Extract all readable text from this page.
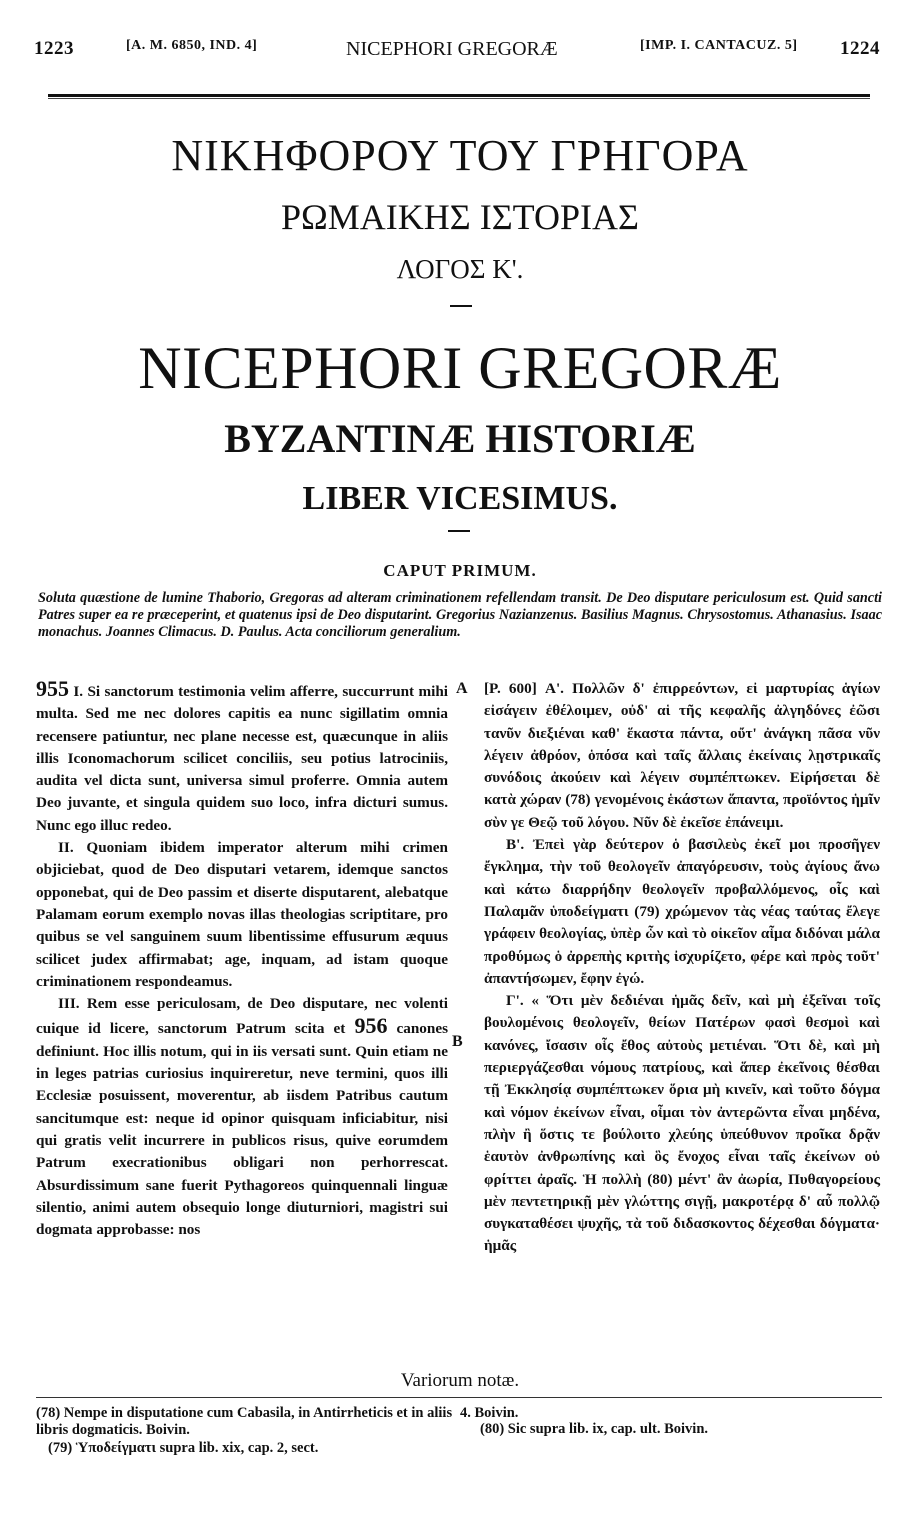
1223	[A. M. 6850, IND. 4]	NICEPHORI GREGORÆ	[IMP. I. CANTACUZ. 5] 1224
ΝΙΚΗΦΟΡΟΥ ΤΟΥ ΓΡΗΓΟΡΑ
ΡΩΜΑΙΚΗΣ ΙΣΤΟΡΙΑΣ
ΛΟΓΟΣ Κ'.
NICEPHORI GREGORÆ
BYZANTINÆ HISTORIÆ
LIBER VICESIMUS.
CAPUT PRIMUM.

Soluta quæstione de lumine Thaborio, Gregoras ad alteram criminationem refellendam transit. De Deo disputare periculosum est. Quid sancti Patres super ea re præceperint, et quatenus ipsi de Deo disputarint. Gregorius Nazianzenus. Basilius Magnus. Chrysostomus. Athanasius. Isaac monachus. Joannes Climacus. D. Paulus. Acta conciliorum generalium.

955 I. Si sanctorum testimonia velim afferre, succurrunt mihi multa. Sed me nec dolores capitis ea nunc sigillatim omnia recensere patiuntur, nec plane necesse est, quæcunque in aliis illis Iconomachorum scilicet conciliis, seu potius latrociniis, audita vel dicta sunt, universa simul proferre. Omnia autem Deo juvante, et singula quidem suo loco, infra dicturi sumus. Nunc ego illuc redeo.

II. Quoniam ibidem imperator alterum mihi crimen objiciebat, quod de Deo disputari vetarem, idemque sanctos opponebat, qui de Deo passim et diserte disputarent, alebatque Palamam eorum exemplo novas illas theologias scriptitare, pro quibus se vel sanguinem suum libentissime effusurum æquus scilicet judex affirmabat; age, inquam, ad istam quoque criminationem respondeamus.

III. Rem esse periculosam, de Deo disputare, nec volenti cuique id licere, sanctorum Patrum scita et 956 canones definiunt. Hoc illis notum, qui in iis versati sunt. Quin etiam ne in leges patrias curiosius inquireretur, neve termini, quos illi Ecclesiæ posuissent, moverentur, ab iisdem Patribus cautum sancitumque est: neque id opinor quisquam inficiabitur, nisi qui gratis velit incurrere in publicos risus, quive eorumdem Patrum execrationibus obligari non perhorrescat. Absurdissimum sane fuerit Pythagoreos quinquennali linguæ silentio, animi autem obsequio longe diuturniori, magistri sui dogmata approbasse: nos

A
B

[P. 600] Α'. Πολλῶν δ' ἐπιρρεόντων, εἰ μαρτυρίας ἁγίων εἰσάγειν ἐθέλοιμεν, οὐδ' αἱ τῆς κεφαλῆς ἀλγηδόνες ἐῶσι τανῦν διεξιέναι καθ' ἕκαστα πάντα, οὔτ' ἀνάγκη πᾶσα νῦν λέγειν ἀθρόον, ὁπόσα καὶ ταῖς ἄλλαις ἐκείναις λῃστρικαῖς συνόδοις ἀκούειν καὶ λέγειν συμπέπτωκεν. Εἰρήσεται δὲ κατὰ χώραν (78) γενομένοις ἑκάστων ἅπαντα, προϊόντος ἡμῖν σὺν γε Θεῷ τοῦ λόγου. Νῦν δὲ ἐκεῖσε ἐπάνειμι.

Β'. Ἐπεὶ γὰρ δεύτερον ὁ βασιλεὺς ἐκεῖ μοι προσῆγεν ἔγκλημα, τὴν τοῦ θεολογεῖν ἀπαγόρευσιν, τοὺς ἁγίους ἄνω καὶ κάτω διαρρήδην θεολογεῖν προβαλλόμενος, οἷς καὶ Παλαμᾶν ὑποδείγματι (79) χρώμενον τὰς νέας ταύτας ἔλεγε γράφειν θεολογίας, ὑπὲρ ὧν καὶ τὸ οἰκεῖον αἷμα διδόναι μάλα προθύμως ὁ ἀρρεπὴς κριτὴς ἰσχυρίζετο, φέρε καὶ πρὸς τοῦτ' ἀπαντήσωμεν, ἔφην ἐγώ.

Γ'. « Ὅτι μὲν δεδιέναι ἡμᾶς δεῖν, καὶ μὴ ἐξεῖναι τοῖς βουλομένοις θεολογεῖν, θείων Πατέρων φασὶ θεσμοὶ καὶ κανόνες, ἴσασιν οἷς ἔθος αὐτοὺς μετιέναι. Ὅτι δὲ, καὶ μὴ περιεργάζεσθαι νόμους πατρίους, καὶ ἅπερ ἐκεῖνοις θέσθαι τῇ Ἐκκλησίᾳ συμπέπτωκεν ὅρια μὴ κινεῖν, καὶ τοῦτο δόγμα καὶ νόμον ἐκείνων εἶναι, οἶμαι τὸν ἀντερῶντα εἶναι μηδένα, πλὴν ἢ ὅστις τε βούλοιτο χλεύης ὑπεύθυνον προῖκα δρᾷν ἑαυτὸν ἀνθρωπίνης καὶ ὃς ἔνοχος εἶναι ταῖς ἐκείνων οὐ φρίττει ἀραῖς. Ἡ πολλὴ (80) μέντ' ἂν ἀωρία, Πυθαγορείους μὲν πεντετηρικῇ μὲν γλώττης σιγῇ, μακροτέρᾳ δ' αὖ πολλῷ συγκαταθέσει ψυχῆς, τὰ τοῦ διδασκοντος δέχεσθαι δόγματα· ἡμᾶς

Variorum notæ.
(78) Nempe in disputatione cum Cabasila, in Antirrheticis et in aliis libris dogmaticis. Boivin.
(79) Ὑποδείγματι supra lib. xix, cap. 2, sect.
4. Boivin.
(80) Sic supra lib. ix, cap. ult. Boivin.
